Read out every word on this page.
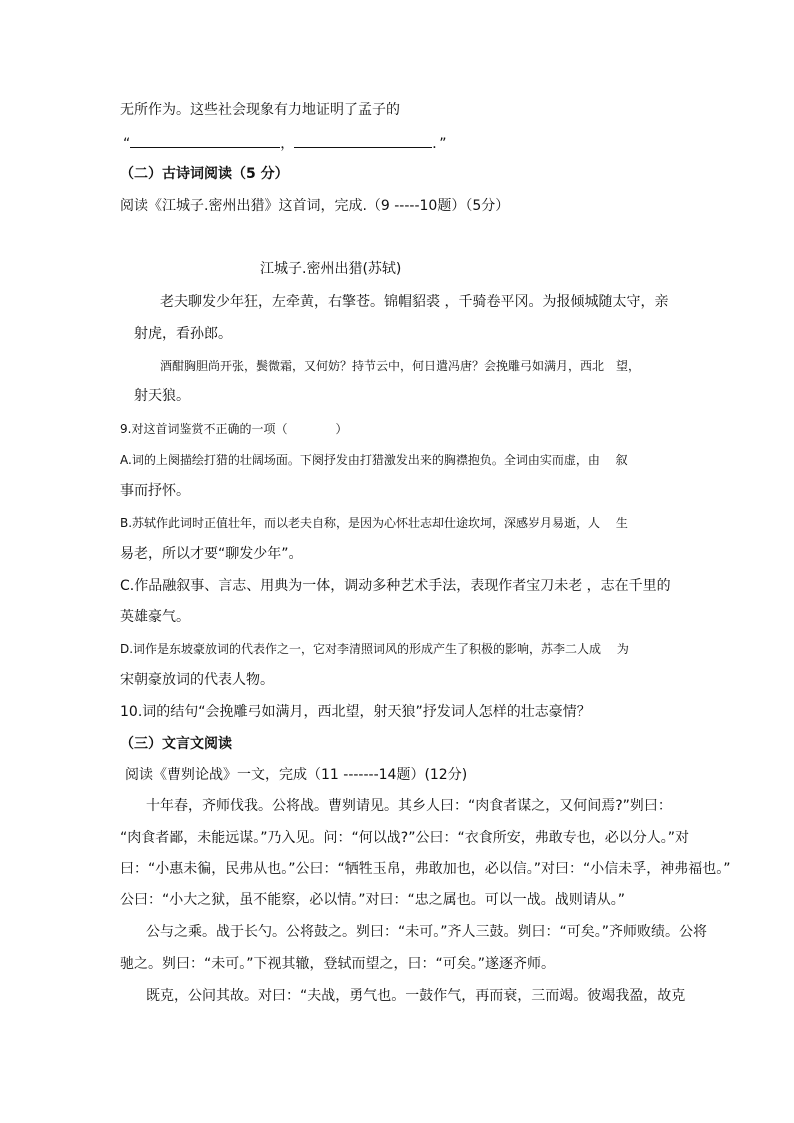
无所作为。这些社会现象有力地证明了孟子的
“	，	．”
（二）古诗词阅读（5 分）
阅读《江城子.密州出猎》这首词，完成.（9 -----10题）（5分）
江城子.密州出猎(苏轼)
老夫聊发少年狂，左牵黄，右擎苍。锦帽貂裘 ，千骑卷平冈。为报倾城随太守，亲
射虎，看孙郎。
酒酣胸胆尚开张，鬓微霜，又何妨？持节云中，何日遣冯唐？会挽雕弓如满月，西北　望，
射天狼。
9.对这首词鉴赏不正确的一项（　　　　）
A.词的上阕描绘打猎的壮阔场面。下阕抒发由打猎激发出来的胸襟抱负。全词由实而虚，由　 叙
事而抒怀。
B.苏轼作此词时正值壮年，而以老夫自称，是因为心怀壮志却仕途坎坷，深感岁月易逝，人　 生
易老，所以才要“聊发少年”。
C.作品融叙事、言志、用典为一体，调动多种艺术手法，表现作者宝刀未老 ，志在千里的
英雄豪气。
D.词作是东坡豪放词的代表作之一，它对李清照词风的形成产生了积极的影响，苏李二人成　 为
宋朝豪放词的代表人物。
10.词的结句“会挽雕弓如满月，西北望，射天狼”抒发词人怎样的壮志豪情？
（三）文言文阅读
阅读《曹刿论战》一文，完成（11 -------14题）(12分)
十年春，齐师伐我。公将战。曹刿请见。其乡人曰：“肉食者谋之，又何间焉?”刿曰：
“肉食者鄙，未能远谋。”乃入见。问：“何以战?”公曰：“衣食所安，弗敢专也，必以分人。”对
曰：“小惠未徧，民弗从也。”公曰：“牺牲玉帛，弗敢加也，必以信。”对曰：“小信未孚，神弗福也。”
公曰：“小大之狱，虽不能察，必以情。”对曰：“忠之属也。可以一战。战则请从。”
公与之乘。战于长勺。公将鼓之。刿曰：“未可。”齐人三鼓。刿曰：“可矣。”齐师败绩。公将
驰之。刿曰：“未可。”下视其辙，登轼而望之，曰：“可矣。”遂逐齐师。
既克，公问其故。对曰：“夫战，勇气也。一鼓作气，再而衰，三而竭。彼竭我盈，故克
